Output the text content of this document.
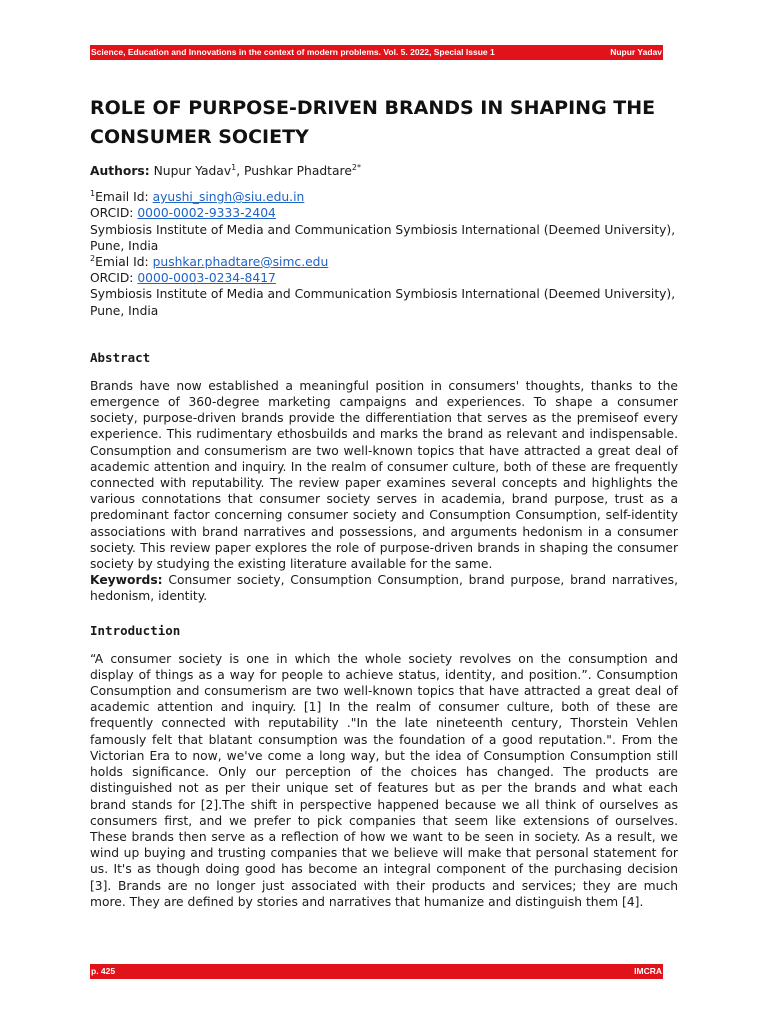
Science, Education and Innovations in the context of modern problems. Vol. 5. 2022, Special Issue 1	Nupur Yadav
ROLE OF PURPOSE-DRIVEN BRANDS IN SHAPING THE CONSUMER SOCIETY
Authors: Nupur Yadav$^1$, Pushkar Phadtare$^{2*}$
$^1$Email Id: ayushi_singh@siu.edu.in
ORCID: 0000-0002-9333-2404
Symbiosis Institute of Media and Communication Symbiosis International (Deemed University), Pune, India
$^2$Emial Id: pushkar.phadtare@simc.edu
ORCID: 0000-0003-0234-8417
Symbiosis Institute of Media and Communication Symbiosis International (Deemed University), Pune, India
Abstract
Brands have now established a meaningful position in consumers' thoughts, thanks to the emergence of 360-degree marketing campaigns and experiences. To shape a consumer society, purpose-driven brands provide the differentiation that serves as the premiseof every experience. This rudimentary ethosbuilds and marks the brand as relevant and indispensable. Consumption and consumerism are two well-known topics that have attracted a great deal of academic attention and inquiry. In the realm of consumer culture, both of these are frequently connected with reputability. The review paper examines several concepts and highlights the various connotations that consumer society serves in academia, brand purpose, trust as a predominant factor concerning consumer society and Consumption Consumption, self-identity associations with brand narratives and possessions, and arguments hedonism in a consumer society. This review paper explores the role of purpose-driven brands in shaping the consumer society by studying the existing literature available for the same.
Keywords: Consumer society, Consumption Consumption, brand purpose, brand narratives, hedonism, identity.
Introduction
“A consumer society is one in which the whole society revolves on the consumption and display of things as a way for people to achieve status, identity, and position.”. Consumption Consumption and consumerism are two well-known topics that have attracted a great deal of academic attention and inquiry. [1] In the realm of consumer culture, both of these are frequently connected with reputability ."In the late nineteenth century, Thorstein Vehlen famously felt that blatant consumption was the foundation of a good reputation.". From the Victorian Era to now, we've come a long way, but the idea of Consumption Consumption still holds significance. Only our perception of the choices has changed. The products are distinguished not as per their unique set of features but as per the brands and what each brand stands for [2].The shift in perspective happened because we all think of ourselves as consumers first, and we prefer to pick companies that seem like extensions of ourselves. These brands then serve as a reflection of how we want to be seen in society. As a result, we wind up buying and trusting companies that we believe will make that personal statement for us. It's as though doing good has become an integral component of the purchasing decision [3]. Brands are no longer just associated with their products and services; they are much more. They are defined by stories and narratives that humanize and distinguish them [4].
p. 425	IMCRA
